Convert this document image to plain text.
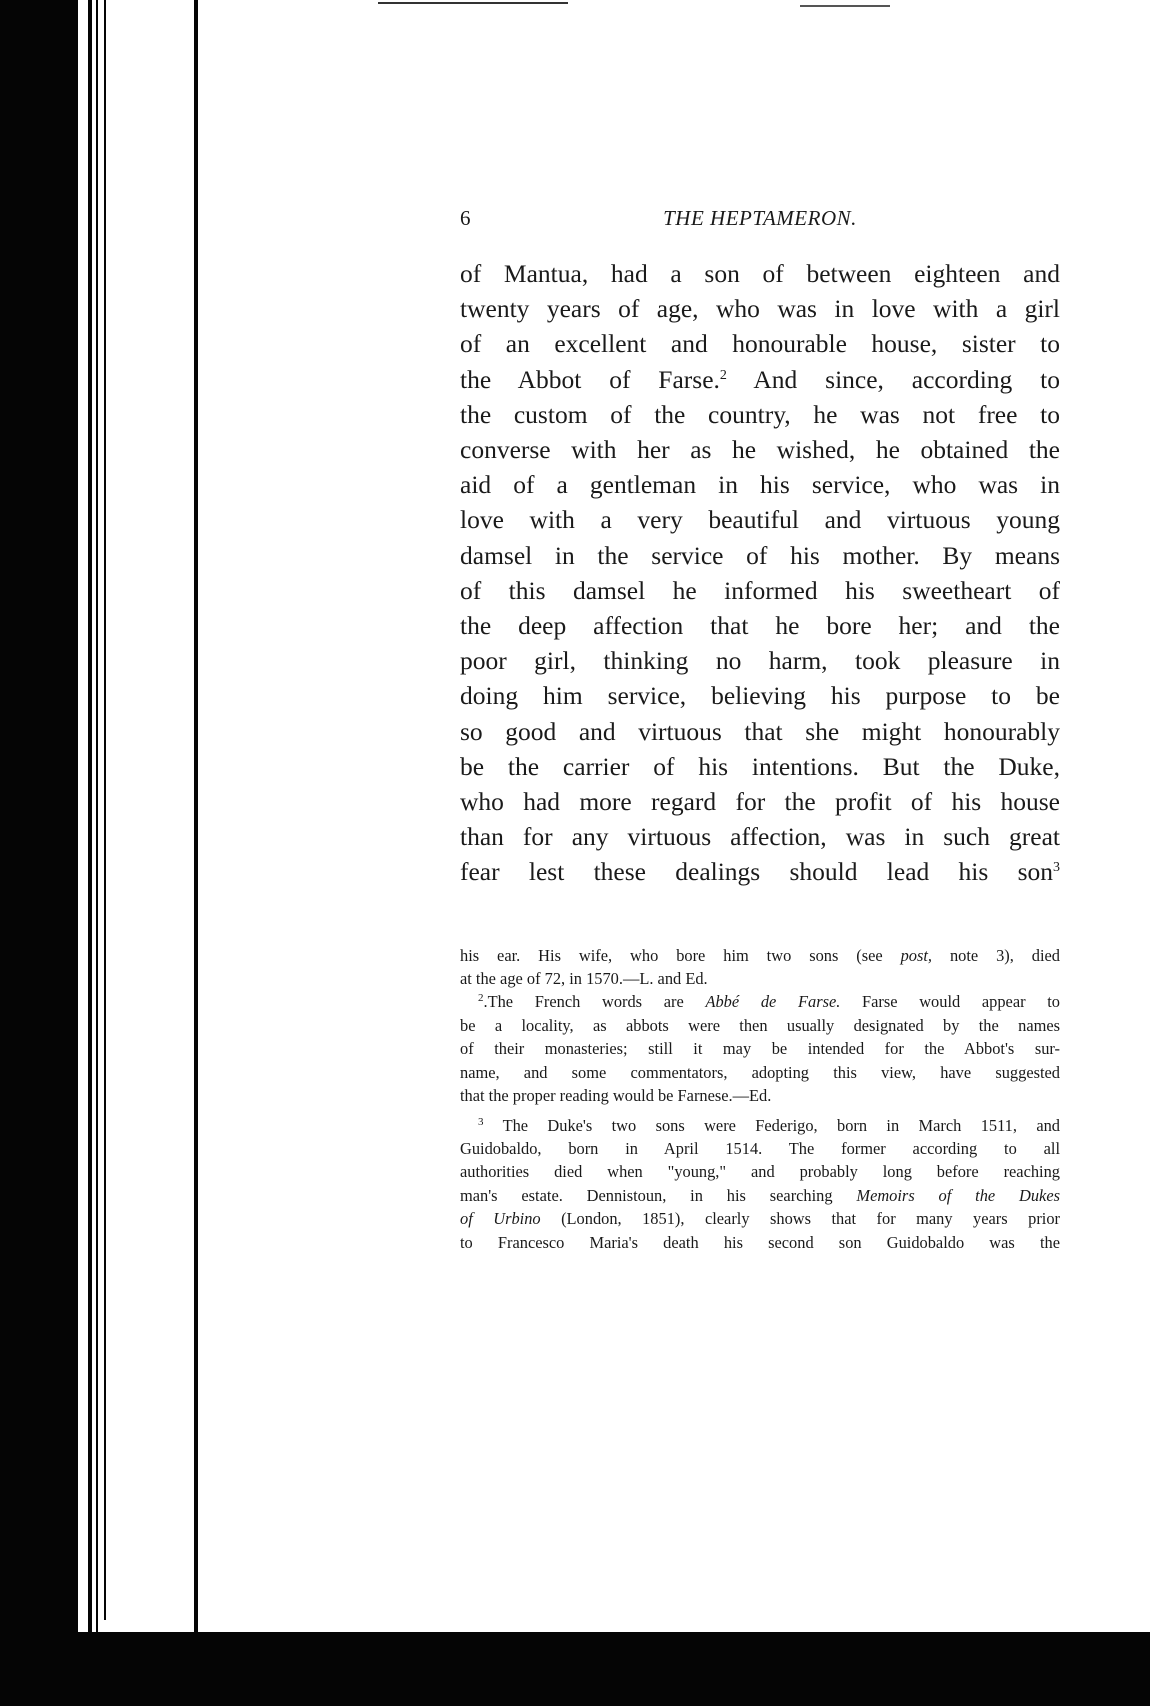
6	THE HEPTAMERON.
of Mantua, had a son of between eighteen and
twenty years of age, who was in love with a girl
of an excellent and honourable house, sister to
the Abbot of Farse.$^2$ And since, according to
the custom of the country, he was not free to
converse with her as he wished, he obtained the
aid of a gentleman in his service, who was in
love with a very beautiful and virtuous young
damsel in the service of his mother. By means
of this damsel he informed his sweetheart of
the deep affection that he bore her; and the
poor girl, thinking no harm, took pleasure in
doing him service, believing his purpose to be
so good and virtuous that she might honourably
be the carrier of his intentions. But the Duke,
who had more regard for the profit of his house
than for any virtuous affection, was in such great
fear lest these dealings should lead his son$^3$
his ear. His wife, who bore him two sons (see post, note 3), died
at the age of 72, in 1570.—L. and Ed.
$^2$.The French words are Abbé de Farse. Farse would appear to
be a locality, as abbots were then usually designated by the names
of their monasteries; still it may be intended for the Abbot's sur-
name, and some commentators, adopting this view, have suggested
that the proper reading would be Farnese.—Ed.
$^3$ The Duke's two sons were Federigo, born in March 1511, and
Guidobaldo, born in April 1514. The former according to all
authorities died when "young," and probably long before reaching
man's estate. Dennistoun, in his searching Memoirs of the Dukes
of Urbino (London, 1851), clearly shows that for many years prior
to Francesco Maria's death his second son Guidobaldo was the
